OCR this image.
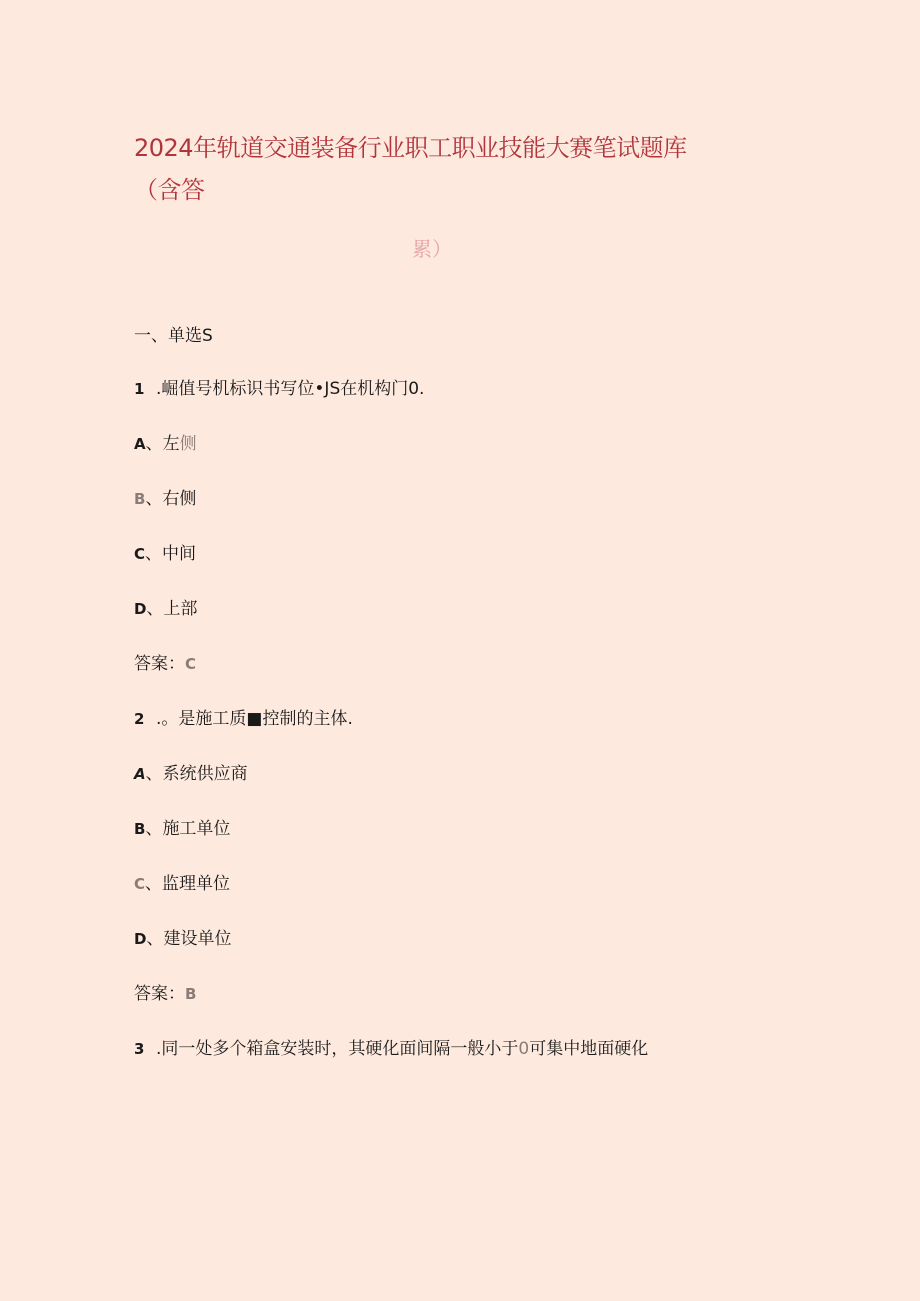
2024年轨道交通装备行业职工职业技能大赛笔试题库
（含答
累）
一、单选S
1 .崛值号机标识书写位•JS在机构门0.
A、左侧
B、右侧
C、中间
D、上部
答案：C
2 .。是施工质■控制的主体.
A、系统供应商
B、施工单位
C、监理单位
D、建设单位
答案：B
3 .同一处多个箱盒安装时，其硬化面间隔一般小于0可集中地面硬化
